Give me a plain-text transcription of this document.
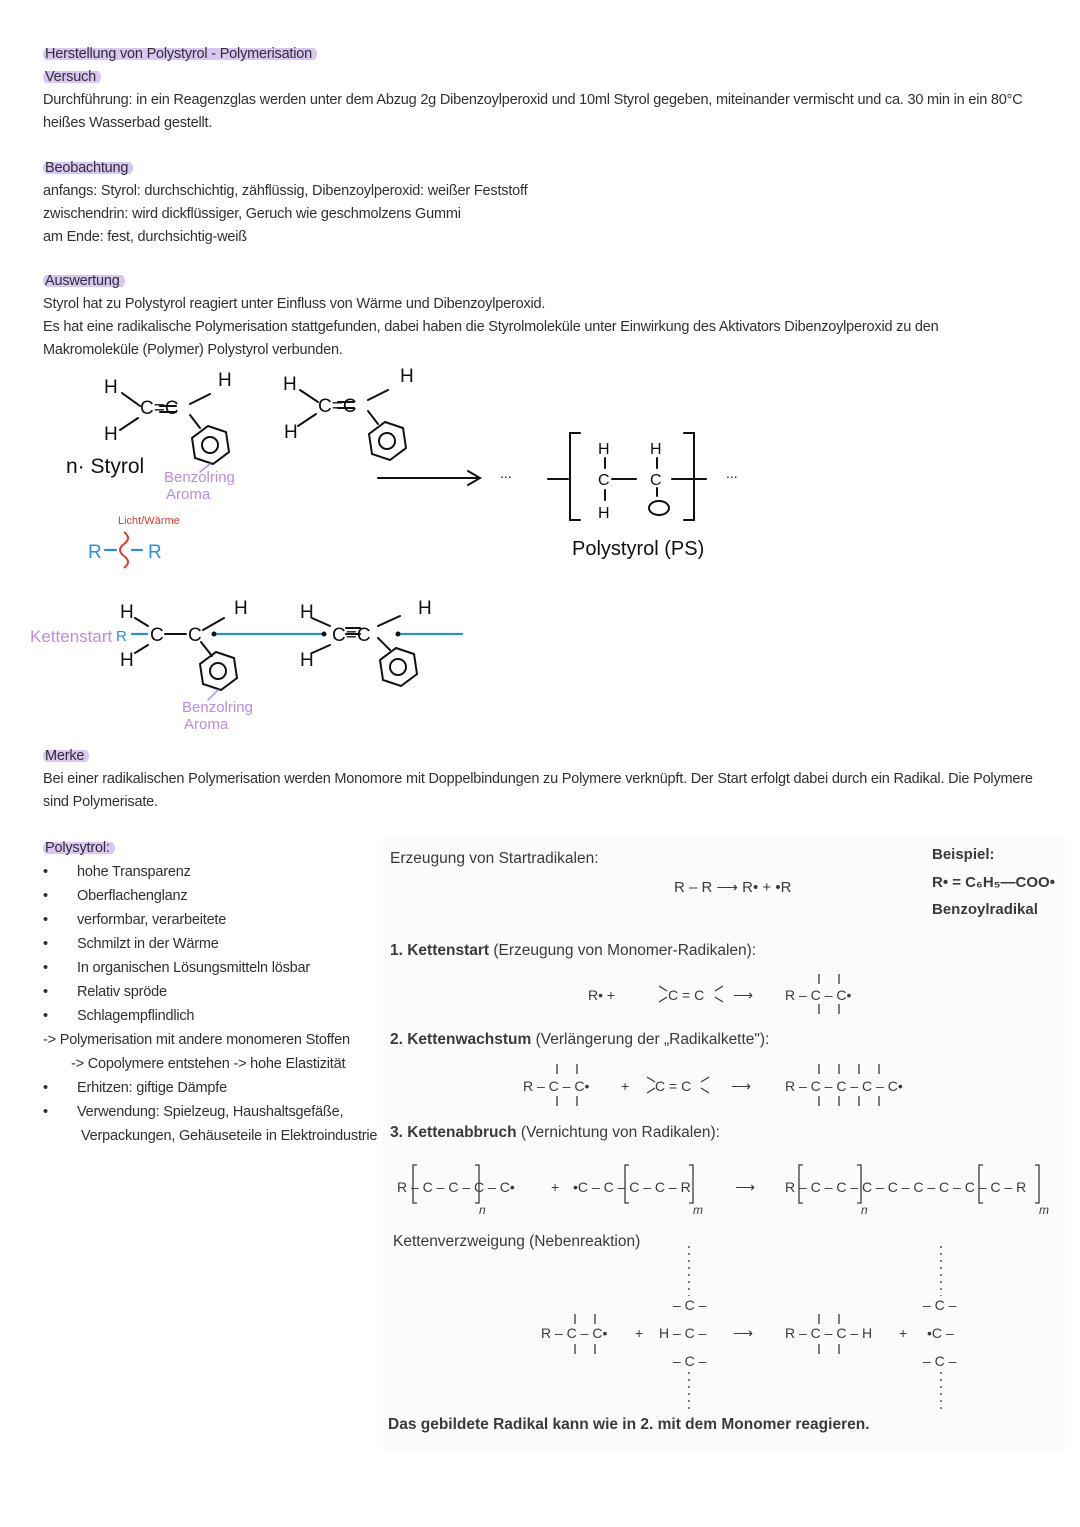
Herstellung von Polystyrol - Polymerisation
Versuch
Durchführung: in ein Reagenzglas werden unter dem Abzug 2g Dibenzoylperoxid und 10ml Styrol gegeben, miteinander vermischt und ca. 30 min in ein 80°C heißes Wasserbad gestellt.
Beobachtung
anfangs: Styrol: durchschichtig, zähflüssig, Dibenzoylperoxid: weißer Feststoff
zwischendrin: wird dickflüssiger, Geruch wie geschmolzens Gummi
am Ende: fest, durchsichtig-weiß
Auswertung
Styrol hat zu Polystyrol reagiert unter Einfluss von Wärme und Dibenzoylperoxid.
Es hat eine radikalische Polymerisation stattgefunden, dabei haben die Styrolmoleküle unter Einwirkung des Aktivators Dibenzoylperoxid zu den Makromoleküle (Polymer) Polystyrol verbunden.
H	H
H
C=C
H	H
H
C=C
n· Styrol	...	...
H
C
H
H
C
Polystyrol (PS)
H	H
H
C C
H	H
H
C=C
R R
R
Licht/Wärme
Benzolring
Aroma
Kettenstart
Benzolring
Aroma
Merke
Bei einer radikalischen Polymerisation werden Monomore mit Doppelbindungen zu Polymere verknüpft. Der Start erfolgt dabei durch ein Radikal. Die Polymere sind Polymerisate.
Polysytrol:
• hohe Transparenz
• Oberflachenglanz
• verformbar, verarbeitete
• Schmilzt in der Wärme
• In organischen Lösungsmitteln lösbar
• Relativ spröde
• Schlagempflindlich
-> Polymerisation mit andere monomeren Stoffen
-> Copolymere entstehen -> hohe Elastizität
• Erhitzen: giftige Dämpfe
• Verwendung: Spielzeug, Haushaltsgefäße,
Verpackungen, Gehäuseteile in Elektroindustrie
Erzeugung von Startradikalen:
R – R ⟶ R• + •R
Beispiel:
R• = C₆H₅—COO•
Benzoylradikal
1. Kettenstart (Erzeugung von Monomer-Radikalen):
2. Kettenwachstum (Verlängerung der „Radikalkette"):
3. Kettenabbruch (Vernichtung von Radikalen):
Kettenverzweigung (Nebenreaktion)
Das gebildete Radikal kann wie in 2. mit dem Monomer reagieren.
R• +	C = C ⟶ R – C – C•
R – C – C• + C = C	⟶ R – C – C – C – C•
R – C – C – C – C•	+ •C – C – C – C – R	⟶ R – C – C – C – C – C – C – C – C – R
n	m	n	m
R – C – C• + H – C –
– C –
– C –
⟶ R – C – C – H + •C –
– C –
– C –
